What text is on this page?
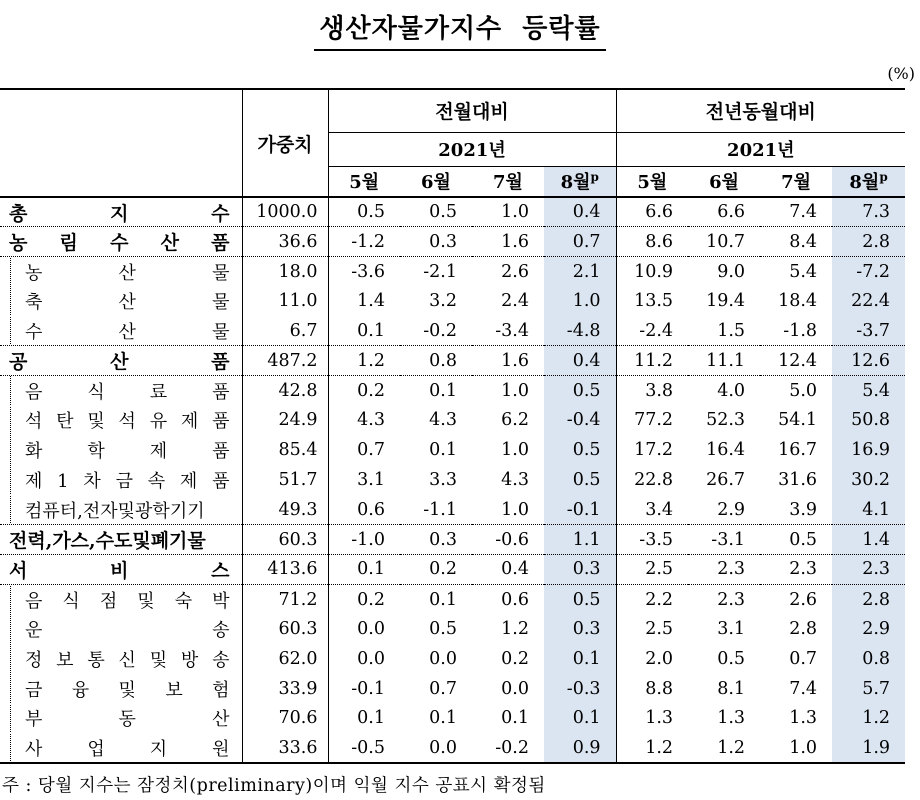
생산자물가지수  등락률
(%)
	가중치	전월대비				전년동월대비			
		2021년				2021년			
		5월	6월	7월	8월$^p$	5월	6월	7월	8월$^p$
총 지 수	1000.0	0.5	0.5	1.0	0.4	6.6	6.6	7.4	7.3
농 림 수 산 품	36.6	-1.2	0.3	1.6	0.7	8.6	10.7	8.4	2.8
농 산 물	18.0	-3.6	-2.1	2.6	2.1	10.9	9.0	5.4	-7.2
축 산 물	11.0	1.4	3.2	2.4	1.0	13.5	19.4	18.4	22.4
수 산 물	6.7	0.1	-0.2	-3.4	-4.8	-2.4	1.5	-1.8	-3.7
공 산 품	487.2	1.2	0.8	1.6	0.4	11.2	11.1	12.4	12.6
음 식 료 품	42.8	0.2	0.1	1.0	0.5	3.8	4.0	5.0	5.4
석 탄 및 석 유 제 품	24.9	4.3	4.3	6.2	-0.4	77.2	52.3	54.1	50.8
화 학 제 품	85.4	0.7	0.1	1.0	0.5	17.2	16.4	16.7	16.9
제 1 차 금 속 제 품	51.7	3.1	3.3	4.3	0.5	22.8	26.7	31.6	30.2
컴퓨터,전자및광학기기	49.3	0.6	-1.1	1.0	-0.1	3.4	2.9	3.9	4.1
전력,가스,수도및폐기물	60.3	-1.0	0.3	-0.6	1.1	-3.5	-3.1	0.5	1.4
서 비 스	413.6	0.1	0.2	0.4	0.3	2.5	2.3	2.3	2.3
음 식 점 및 숙 박	71.2	0.2	0.1	0.6	0.5	2.2	2.3	2.6	2.8
운 송	60.3	0.0	0.5	1.2	0.3	2.5	3.1	2.8	2.9
정 보 통 신 및 방 송	62.0	0.0	0.0	0.2	0.1	2.0	0.5	0.7	0.8
금 융 및 보 험	33.9	-0.1	0.7	0.0	-0.3	8.8	8.1	7.4	5.7
부 동 산	70.6	0.1	0.1	0.1	0.1	1.3	1.3	1.3	1.2
사 업 지 원	33.6	-0.5	0.0	-0.2	0.9	1.2	1.2	1.0	1.9
주 : 당월 지수는 잠정치(preliminary)이며 익월 지수 공표시 확정됨
